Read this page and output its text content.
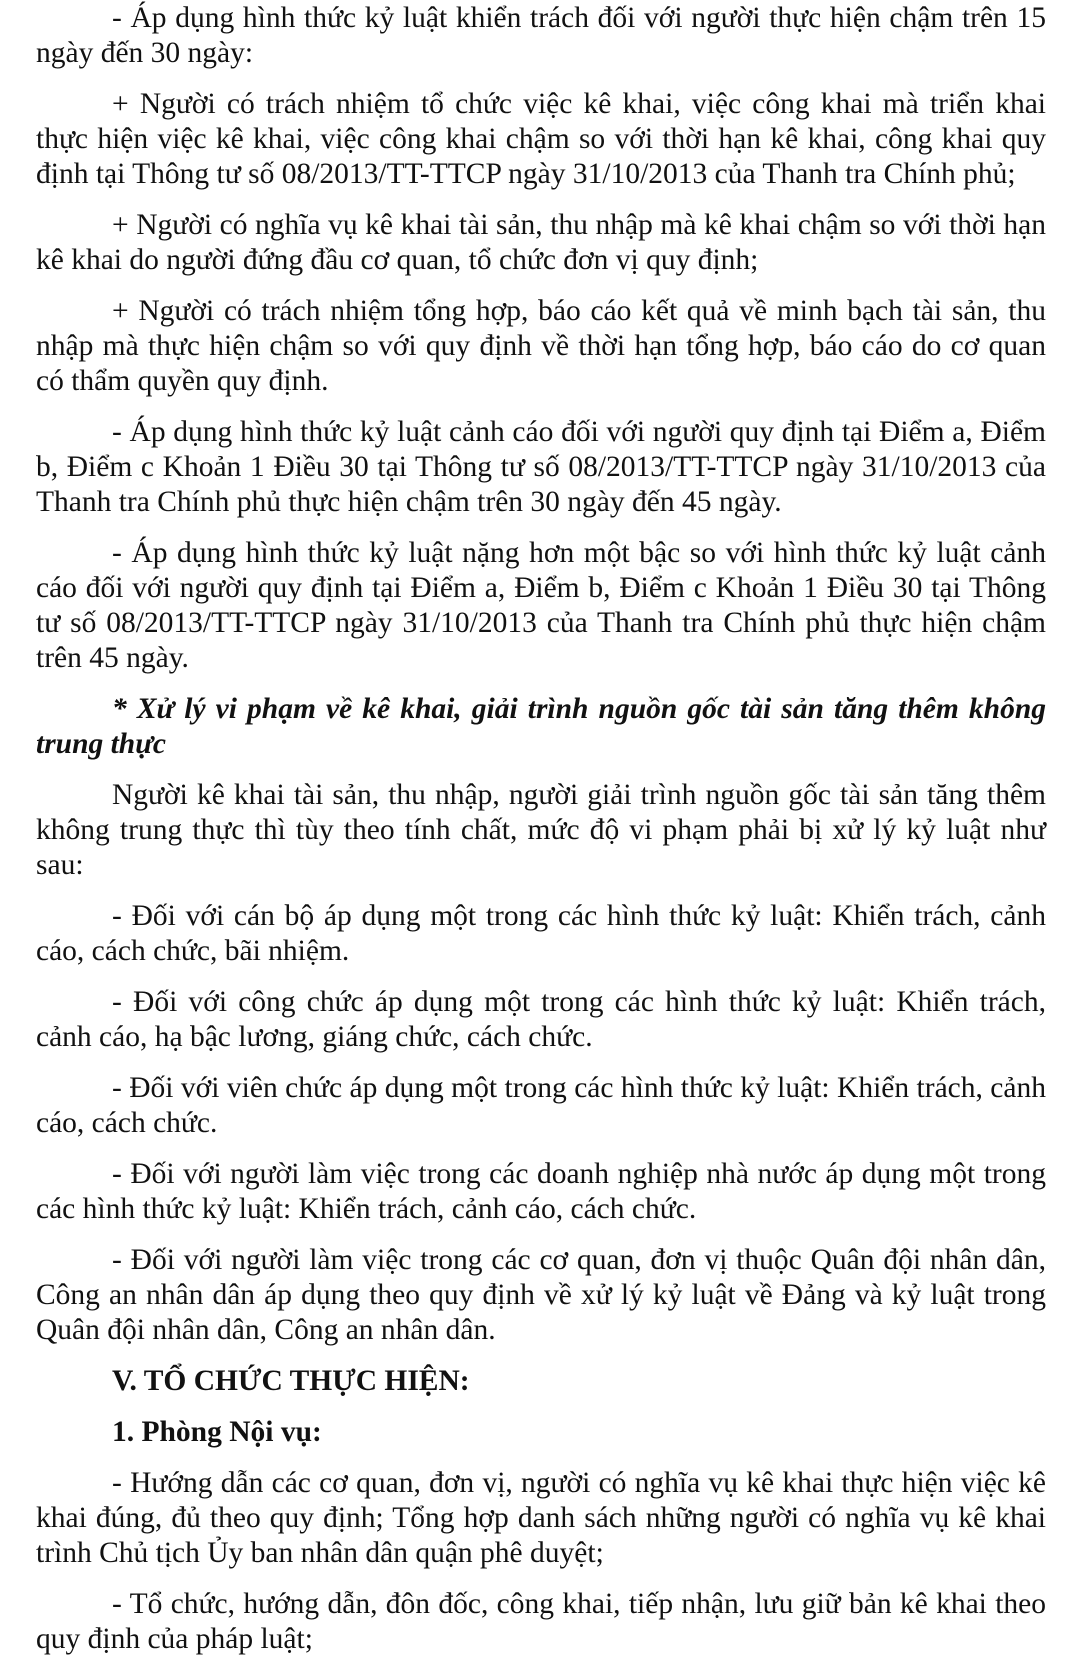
- Áp dụng hình thức kỷ luật khiển trách đối với người thực hiện chậm trên 15 ngày đến 30 ngày:

+ Người có trách nhiệm tổ chức việc kê khai, việc công khai mà triển khai thực hiện việc kê khai, việc công khai chậm so với thời hạn kê khai, công khai quy định tại Thông tư số 08/2013/TT-TTCP ngày 31/10/2013 của Thanh tra Chính phủ;

+ Người có nghĩa vụ kê khai tài sản, thu nhập mà kê khai chậm so với thời hạn kê khai do người đứng đầu cơ quan, tổ chức đơn vị quy định;

+ Người có trách nhiệm tổng hợp, báo cáo kết quả về minh bạch tài sản, thu nhập mà thực hiện chậm so với quy định về thời hạn tổng hợp, báo cáo do cơ quan có thẩm quyền quy định.

- Áp dụng hình thức kỷ luật cảnh cáo đối với người quy định tại Điểm a, Điểm b, Điểm c Khoản 1 Điều 30 tại Thông tư số 08/2013/TT-TTCP ngày 31/10/2013 của Thanh tra Chính phủ thực hiện chậm trên 30 ngày đến 45 ngày.

- Áp dụng hình thức kỷ luật nặng hơn một bậc so với hình thức kỷ luật cảnh cáo đối với người quy định tại Điểm a, Điểm b, Điểm c Khoản 1 Điều 30 tại Thông tư số 08/2013/TT-TTCP ngày 31/10/2013 của Thanh tra Chính phủ thực hiện chậm trên 45 ngày.

* Xử lý vi phạm về kê khai, giải trình nguồn gốc tài sản tăng thêm không trung thực

Người kê khai tài sản, thu nhập, người giải trình nguồn gốc tài sản tăng thêm không trung thực thì tùy theo tính chất, mức độ vi phạm phải bị xử lý kỷ luật như sau:

- Đối với cán bộ áp dụng một trong các hình thức kỷ luật: Khiển trách, cảnh cáo, cách chức, bãi nhiệm.

- Đối với công chức áp dụng một trong các hình thức kỷ luật: Khiển trách, cảnh cáo, hạ bậc lương, giáng chức, cách chức.

- Đối với viên chức áp dụng một trong các hình thức kỷ luật: Khiển trách, cảnh cáo, cách chức.

- Đối với người làm việc trong các doanh nghiệp nhà nước áp dụng một trong các hình thức kỷ luật: Khiển trách, cảnh cáo, cách chức.

- Đối với người làm việc trong các cơ quan, đơn vị thuộc Quân đội nhân dân, Công an nhân dân áp dụng theo quy định về xử lý kỷ luật về Đảng và kỷ luật trong Quân đội nhân dân, Công an nhân dân.

V. TỔ CHỨC THỰC HIỆN:

1. Phòng Nội vụ:

- Hướng dẫn các cơ quan, đơn vị, người có nghĩa vụ kê khai thực hiện việc kê khai đúng, đủ theo quy định; Tổng hợp danh sách những người có nghĩa vụ kê khai trình Chủ tịch Ủy ban nhân dân quận phê duyệt;

- Tổ chức, hướng dẫn, đôn đốc, công khai, tiếp nhận, lưu giữ bản kê khai theo quy định của pháp luật;
